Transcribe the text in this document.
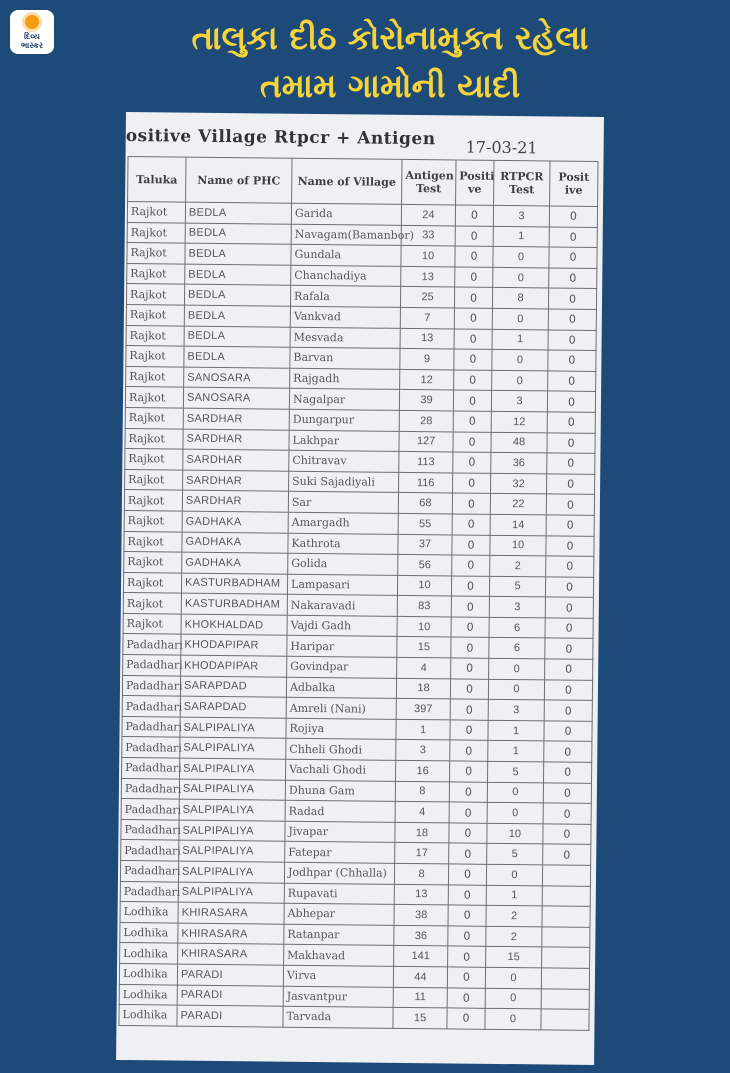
દિવ્ય
ભાસ્કર	તાલુકા દીઠ કોરોનામુક્ત રહેલા
તમામ ગામોની યાદી
ositive Village Rtpcr + Antigen 17-03-21
Taluka	Name of PHC	Name of Village	Antigen Test	Positi ve	RTPCR Test	Posit ive
Rajkot	BEDLA	Garida	24	0	3	0
Rajkot	BEDLA	Navagam(Bamanbor)	33	0	1	0
Rajkot	BEDLA	Gundala	10	0	0	0
Rajkot	BEDLA	Chanchadiya	13	0	0	0
Rajkot	BEDLA	Rafala	25	0	8	0
Rajkot	BEDLA	Vankvad	7	0	0	0
Rajkot	BEDLA	Mesvada	13	0	1	0
Rajkot	BEDLA	Barvan	9	0	0	0
Rajkot	SANOSARA	Rajgadh	12	0	0	0
Rajkot	SANOSARA	Nagalpar	39	0	3	0
Rajkot	SARDHAR	Dungarpur	28	0	12	0
Rajkot	SARDHAR	Lakhpar	127	0	48	0
Rajkot	SARDHAR	Chitravav	113	0	36	0
Rajkot	SARDHAR	Suki Sajadiyali	116	0	32	0
Rajkot	SARDHAR	Sar	68	0	22	0
Rajkot	GADHAKA	Amargadh	55	0	14	0
Rajkot	GADHAKA	Kathrota	37	0	10	0
Rajkot	GADHAKA	Golida	56	0	2	0
Rajkot	KASTURBADHAM	Lampasari	10	0	5	0
Rajkot	KASTURBADHAM	Nakaravadi	83	0	3	0
Rajkot	KHOKHALDAD	Vajdi Gadh	10	0	6	0
Padadhari	KHODAPIPAR	Haripar	15	0	6	0
Padadhari	KHODAPIPAR	Govindpar	4	0	0	0
Padadhari	SARAPDAD	Adbalka	18	0	0	0
Padadhari	SARAPDAD	Amreli (Nani)	397	0	3	0
Padadhari	SALPIPALIYA	Rojiya	1	0	1	0
Padadhari	SALPIPALIYA	Chheli Ghodi	3	0	1	0
Padadhari	SALPIPALIYA	Vachali Ghodi	16	0	5	0
Padadhari	SALPIPALIYA	Dhuna Gam	8	0	0	0
Padadhari	SALPIPALIYA	Radad	4	0	0	0
Padadhari	SALPIPALIYA	Jivapar	18	0	10	0
Padadhari	SALPIPALIYA	Fatepar	17	0	5	0
Padadhari	SALPIPALIYA	Jodhpar (Chhalla)	8	0	0	
Padadhari	SALPIPALIYA	Rupavati	13	0	1	
Lodhika	KHIRASARA	Abhepar	38	0	2	
Lodhika	KHIRASARA	Ratanpar	36	0	2	
Lodhika	KHIRASARA	Makhavad	141	0	15	
Lodhika	PARADI	Virva	44	0	0	
Lodhika	PARADI	Jasvantpur	11	0	0	
Lodhika	PARADI	Tarvada	15	0	0	
